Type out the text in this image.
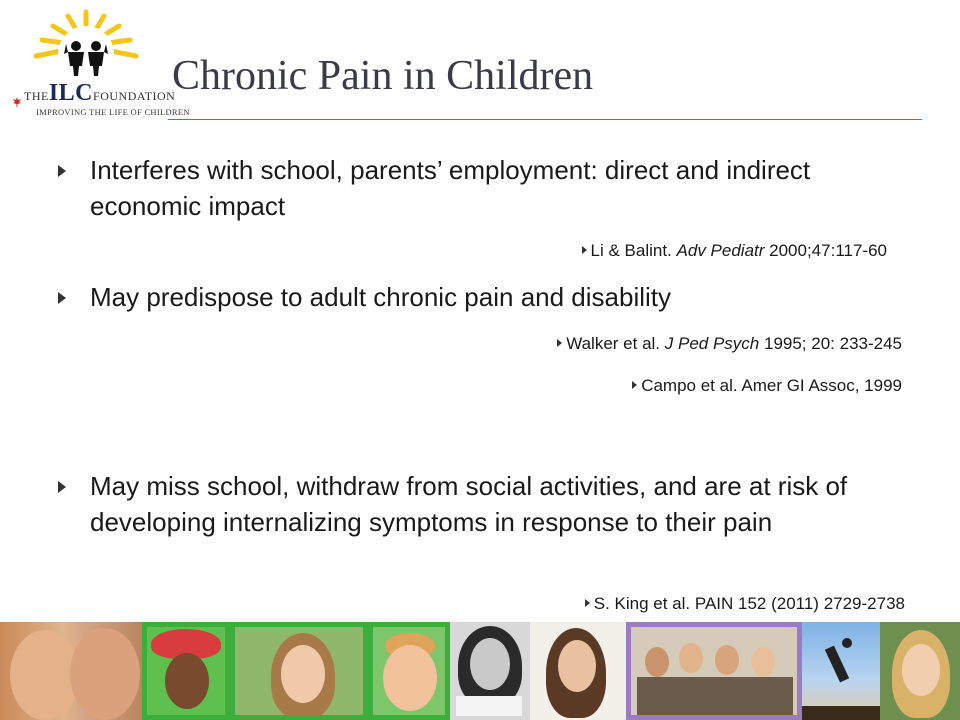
THEILCFOUNDATION
IMPROVING THE LIFE OF CHILDREN
Chronic Pain in Children
Interferes with school, parents’ employment: direct and indirect economic impact
Li & Balint. Adv Pediatr 2000;47:117-60
May predispose to adult chronic pain and disability
Walker et al. J Ped Psych 1995; 20: 233-245
Campo et al. Amer GI Assoc, 1999
May miss school, withdraw from social activities, and are at risk of developing internalizing symptoms in response to their pain
S. King et al. PAIN 152 (2011) 2729-2738
